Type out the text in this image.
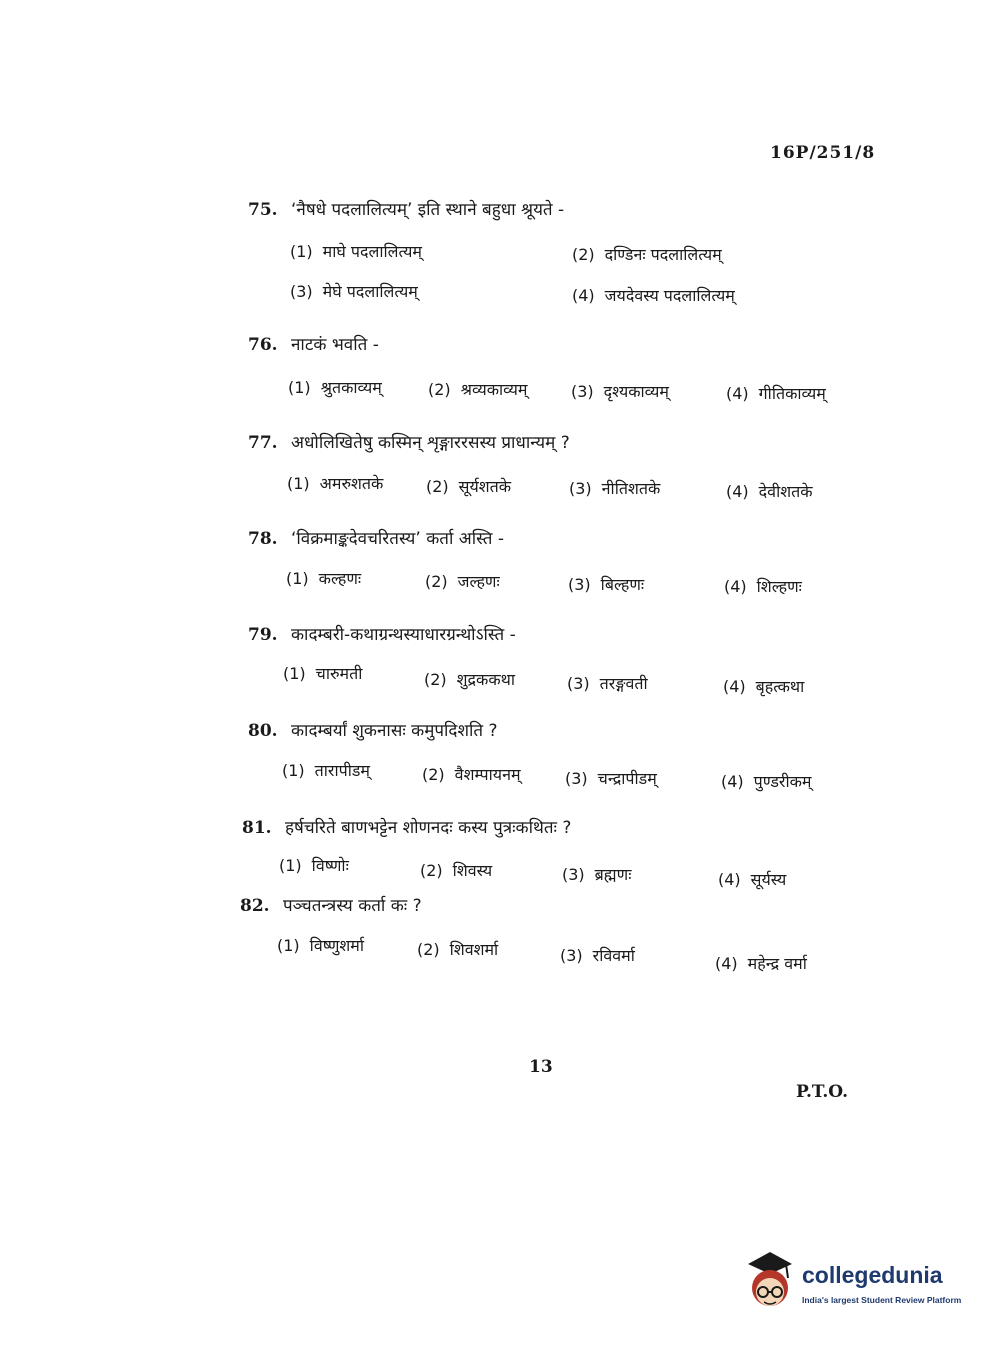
16P/251/8
75. ‘नैषधे पदलालित्यम्’ इति स्थाने बहुधा श्रूयते -
(1) माघे पदलालित्यम्	(2) दण्डिनः पदलालित्यम्
(3) मेघे पदलालित्यम्	(4) जयदेवस्य पदलालित्यम्
76. नाटकं भवति -
(1) श्रुतकाव्यम्	(2) श्रव्यकाव्यम्	(3) दृश्यकाव्यम्	(4) गीतिकाव्यम्
77. अधोलिखितेषु कस्मिन् शृङ्गाररसस्य प्राधान्यम् ?
(1) अमरुशतके	(2) सूर्यशतके	(3) नीतिशतके	(4) देवीशतके
78. ‘विक्रमाङ्कदेवचरितस्य’ कर्ता अस्ति -
(1) कल्हणः	(2) जल्हणः	(3) बिल्हणः	(4) शिल्हणः
79. कादम्बरी-कथाग्रन्थस्याधारग्रन्थोऽस्ति -
(1) चारुमती	(2) शुद्रककथा	(3) तरङ्गवती	(4) बृहत्कथा
80. कादम्बर्यां शुकनासः कमुपदिशति ?
(1) तारापीडम्	(2) वैशम्पायनम्	(3) चन्द्रापीडम्	(4) पुण्डरीकम्
81. हर्षचरिते बाणभट्टेन शोणनदः कस्य पुत्रःकथितः ?
(1) विष्णोः	(2) शिवस्य	(3) ब्रह्मणः	(4) सूर्यस्य
82. पञ्चतन्त्रस्य कर्ता कः ?
(1) विष्णुशर्मा	(2) शिवशर्मा	(3) रविवर्मा	(4) महेन्द्र वर्मा
13
P.T.O.
collegedunia
India's largest Student Review Platform
